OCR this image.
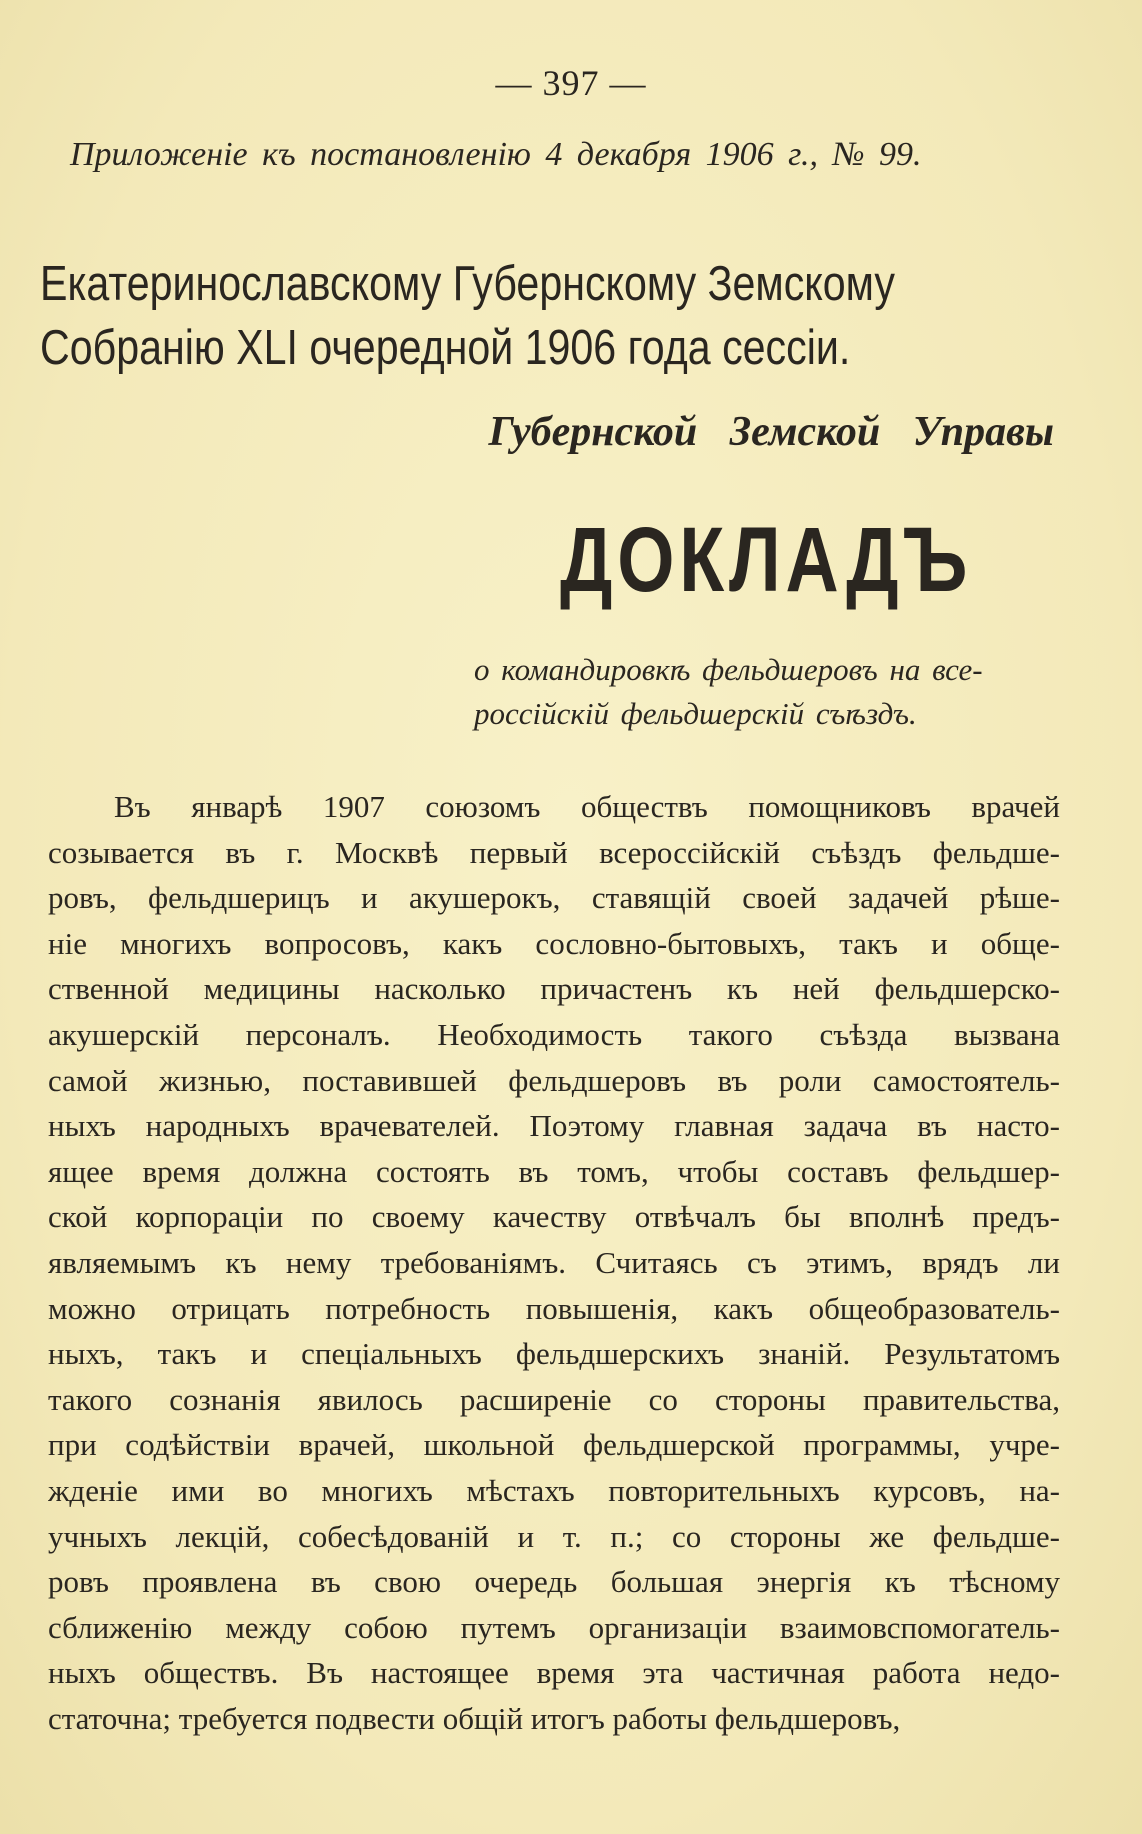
— 397 —
Приложеніе къ постановленію 4 декабря 1906 г., № 99.
Екатеринославскому Губернскому Земскому
Собранію XLI очередной 1906 года сессіи.
Губернской Земской Управы
ДОКЛАДЪ
о командировкѣ фельдшеровъ на все-
россійскій фельдшерскій съѣздъ.
Въ январѣ 1907 союзомъ обществъ помощниковъ врачей
созывается въ г. Москвѣ первый всероссійскій съѣздъ фельдше-
ровъ, фельдшерицъ и акушерокъ, ставящій своей задачей рѣше-
ніе многихъ вопросовъ, какъ сословно-бытовыхъ, такъ и обще-
ственной медицины насколько причастенъ къ ней фельдшерско-
акушерскій персоналъ. Необходимость такого съѣзда вызвана
самой жизнью, поставившей фельдшеровъ въ роли самостоятель-
ныхъ народныхъ врачевателей. Поэтому главная задача въ насто-
ящее время должна состоять въ томъ, чтобы составъ фельдшер-
ской корпораціи по своему качеству отвѣчалъ бы вполнѣ предъ-
являемымъ къ нему требованіямъ. Считаясь съ этимъ, врядъ ли
можно отрицать потребность повышенія, какъ общеобразователь-
ныхъ, такъ и спеціальныхъ фельдшерскихъ знаній. Результатомъ
такого сознанія явилось расширеніе со стороны правительства,
при содѣйствіи врачей, школьной фельдшерской программы, учре-
жденіе ими во многихъ мѣстахъ повторительныхъ курсовъ, на-
учныхъ лекцій, собесѣдованій и т. п.; со стороны же фельдше-
ровъ проявлена въ свою очередь большая энергія къ тѣсному
сближенію между собою путемъ организаціи взаимовспомогатель-
ныхъ обществъ. Въ настоящее время эта частичная работа недо-
статочна; требуется подвести общій итогъ работы фельдшеровъ,
